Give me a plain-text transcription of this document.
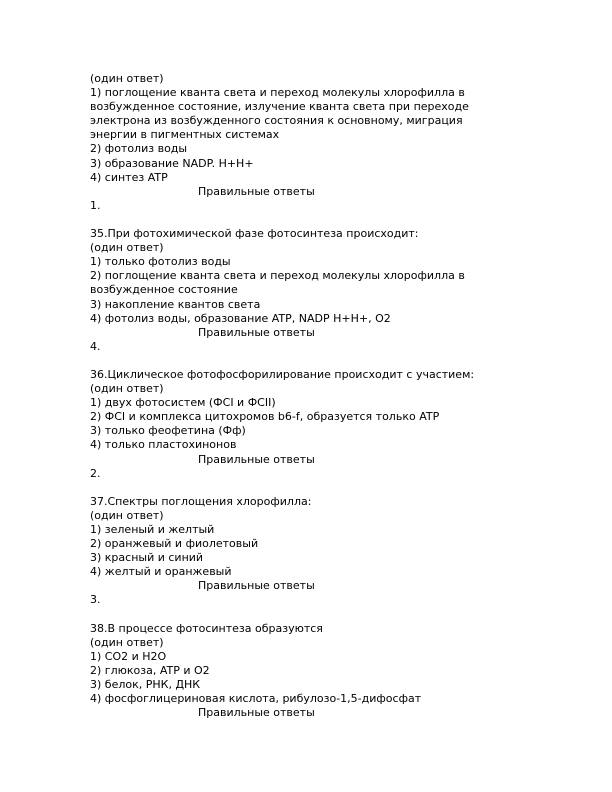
(один ответ)
1) поглощение кванта света и переход молекулы хлорофилла в
возбужденное состояние, излучение кванта света при переходе
электрона из возбужденного состояния к основному, миграция
энергии в пигментных системах
2) фотолиз воды
3) образование NADP. H+H+
4) синтез ATP
Правильные ответы
1.
35.При фотохимической фазе фотосинтеза происходит:
(один ответ)
1) только фотолиз воды
2) поглощение кванта света и переход молекулы хлорофилла в
возбужденное состояние
3) накопление квантов света
4) фотолиз воды, образование ATP, NADP H+H+, O2
Правильные ответы
4.
36.Циклическое фотофосфорилирование происходит с участием:
(один ответ)
1) двух фотосистем (ФСI и ФСII)
2) ФСI и комплекса цитохромов b6-f, образуется только ATP
3) только феофетина (Фф)
4) только пластохинонов
Правильные ответы
2.
37.Спектры поглощения хлорофилла:
(один ответ)
1) зеленый и желтый
2) оранжевый и фиолетовый
3) красный и синий
4) желтый и оранжевый
Правильные ответы
3.
38.В процессе фотосинтеза образуются
(один ответ)
1) CO2 и H2O
2) глюкоза, ATP и O2
3) белок, РНК, ДНК
4) фосфоглицериновая кислота, рибулозо-1,5-дифосфат
Правильные ответы
